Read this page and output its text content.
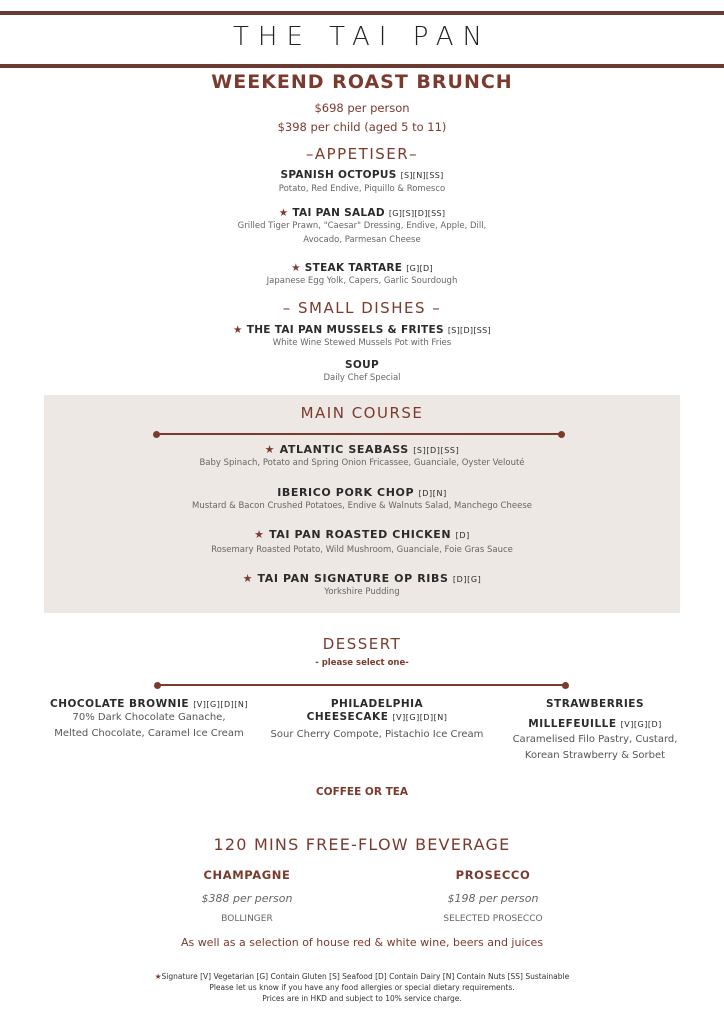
THE TAI PAN
WEEKEND ROAST BRUNCH
$698 per person
$398 per child (aged 5 to 11)
–APPETISER–
SPANISH OCTOPUS [S][N][SS]
Potato, Red Endive, Piquillo & Romesco
★ TAI PAN SALAD [G][S][D][SS]
Grilled Tiger Prawn, "Caesar" Dressing, Endive, Apple, Dill,
Avocado, Parmesan Cheese
★ STEAK TARTARE [G][D]
Japanese Egg Yolk, Capers, Garlic Sourdough
– SMALL DISHES –
★ THE TAI PAN MUSSELS & FRITES [S][D][SS]
White Wine Stewed Mussels Pot with Fries
SOUP
Daily Chef Special
MAIN COURSE
★ ATLANTIC SEABASS [S][D][SS]
Baby Spinach, Potato and Spring Onion Fricassee, Guanciale, Oyster Velouté
IBERICO PORK CHOP [D][N]
Mustard & Bacon Crushed Potatoes, Endive & Walnuts Salad, Manchego Cheese
★ TAI PAN ROASTED CHICKEN [D]
Rosemary Roasted Potato, Wild Mushroom, Guanciale, Foie Gras Sauce
★ TAI PAN SIGNATURE OP RIBS [D][G]
Yorkshire Pudding
DESSERT
- please select one-
CHOCOLATE BROWNIE [V][G][D][N]
70% Dark Chocolate Ganache,
Melted Chocolate, Caramel Ice Cream
PHILADELPHIA
CHEESECAKE [V][G][D][N]
Sour Cherry Compote, Pistachio Ice Cream
STRAWBERRIES
MILLEFEUILLE [V][G][D]
Caramelised Filo Pastry, Custard,
Korean Strawberry & Sorbet
COFFEE OR TEA
120 MINS FREE-FLOW BEVERAGE
CHAMPAGNE
$388 per person
BOLLINGER
PROSECCO
$198 per person
SELECTED PROSECCO
As well as a selection of house red & white wine, beers and juices
★Signature [V] Vegetarian [G] Contain Gluten [S] Seafood [D] Contain Dairy [N] Contain Nuts [SS] Sustainable
Please let us know if you have any food allergies or special dietary requirements.
Prices are in HKD and subject to 10% service charge.
